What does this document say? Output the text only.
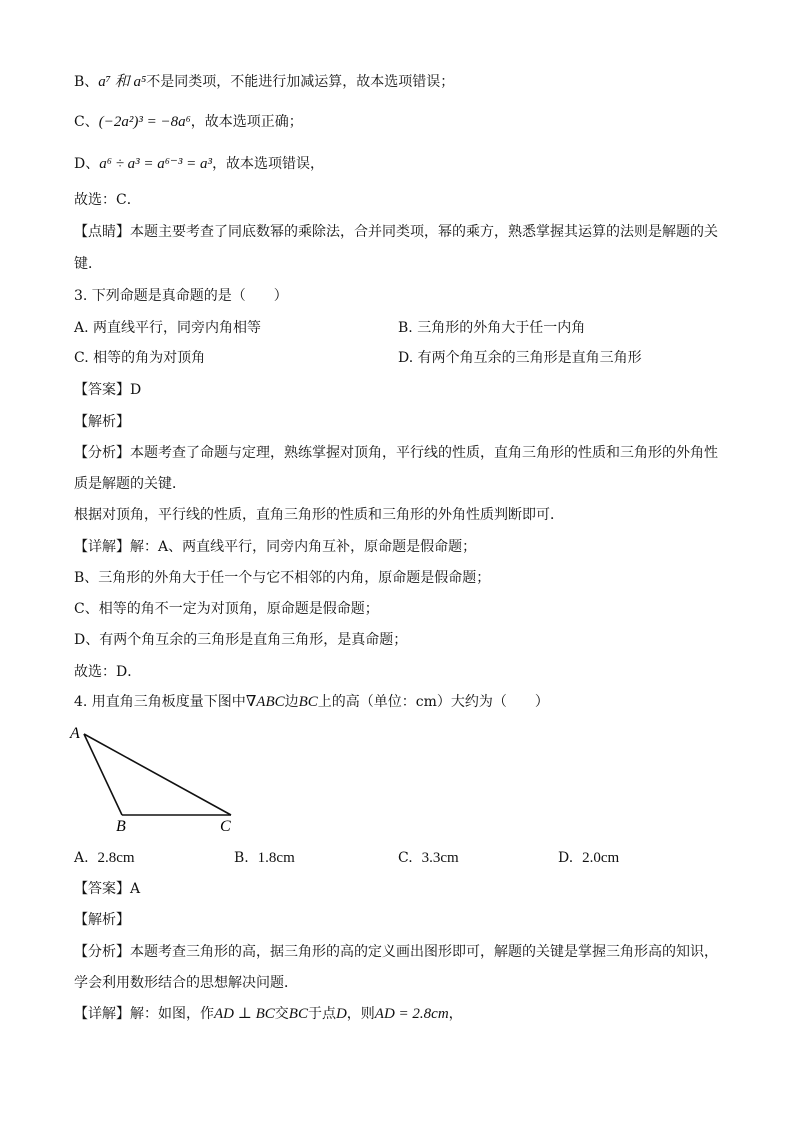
B、a⁷ 和 a⁵不是同类项，不能进行加减运算，故本选项错误；
C、(−2a²)³ = −8a⁶，故本选项正确；
D、a⁶ ÷ a³ = a⁶⁻³ = a³，故本选项错误，
故选：C．
【点睛】本题主要考查了同底数幂的乘除法，合并同类项，幂的乘方，熟悉掌握其运算的法则是解题的关
键．
3. 下列命题是真命题的是（　　）
A. 两直线平行，同旁内角相等	B. 三角形的外角大于任一内角
C. 相等的角为对顶角	D. 有两个角互余的三角形是直角三角形
【答案】D
【解析】
【分析】本题考查了命题与定理，熟练掌握对顶角，平行线的性质，直角三角形的性质和三角形的外角性
质是解题的关键．
根据对顶角，平行线的性质，直角三角形的性质和三角形的外角性质判断即可．
【详解】解：A、两直线平行，同旁内角互补，原命题是假命题；
B、三角形的外角大于任一个与它不相邻的内角，原命题是假命题；
C、相等的角不一定为对顶角，原命题是假命题；
D、有两个角互余的三角形是直角三角形，是真命题；
故选：D．
4. 用直角三角板度量下图中∇ABC边BC上的高（单位：cm）大约为（　　）
A
B	C
A. 2.8cm	B. 1.8cm	C. 3.3cm	D. 2.0cm
【答案】A
【解析】
【分析】本题考查三角形的高，据三角形的高的定义画出图形即可，解题的关键是掌握三角形高的知识，
学会利用数形结合的思想解决问题．
【详解】解：如图，作AD ⊥ BC交BC于点D，则AD = 2.8cm，
